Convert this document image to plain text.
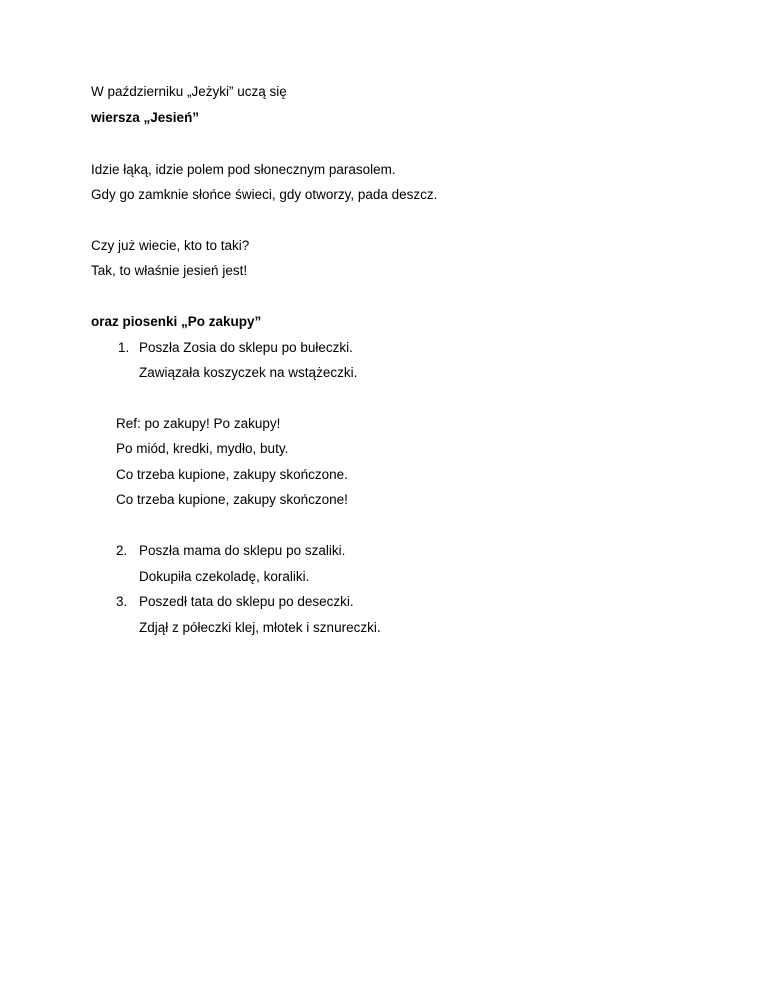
W październiku „Jeżyki” uczą się
wiersza „Jesień”
Idzie łąką, idzie polem pod słonecznym parasolem.
Gdy go zamknie słońce świeci, gdy otworzy, pada deszcz.
Czy już wiecie, kto to taki?
Tak, to właśnie jesień jest!
oraz piosenki „Po zakupy”
1. Poszła Zosia do sklepu po bułeczki.
Zawiązała koszyczek na wstążeczki.
Ref: po zakupy! Po zakupy!
Po miód, kredki, mydło, buty.
Co trzeba kupione, zakupy skończone.
Co trzeba kupione, zakupy skończone!
2. Poszła mama do sklepu po szaliki.
Dokupiła czekoladę, koraliki.
3. Poszedł tata do sklepu po deseczki.
Zdjął z półeczki klej, młotek i sznureczki.
